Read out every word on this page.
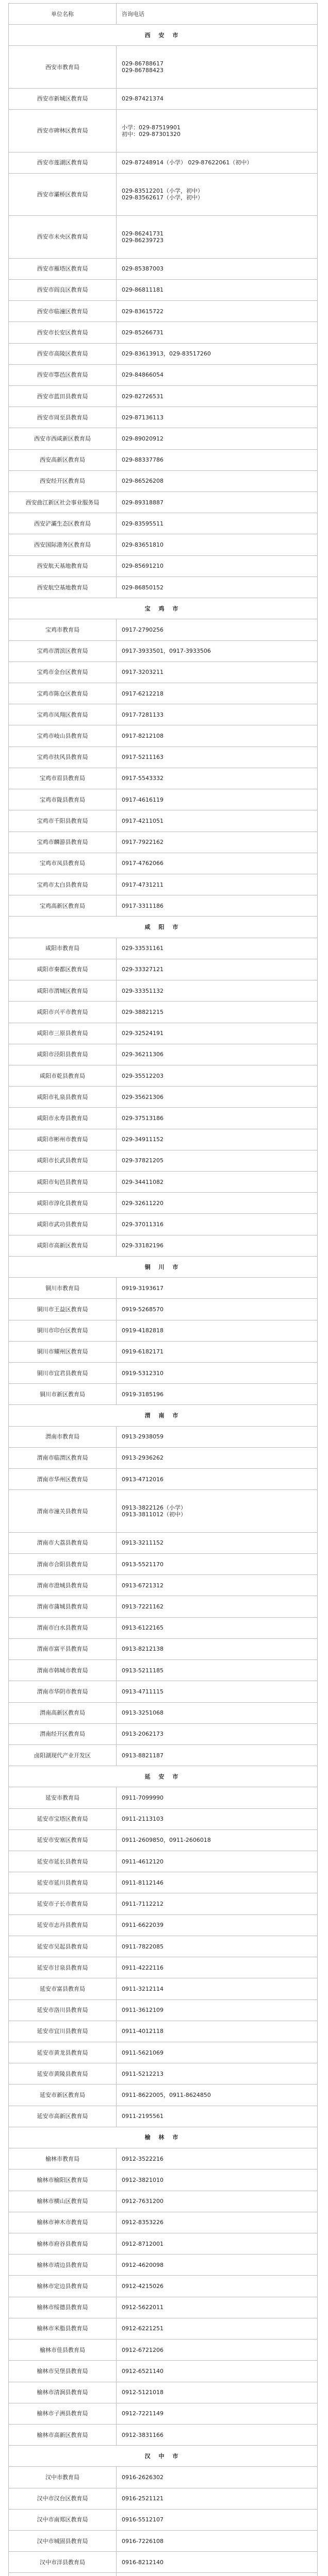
单位名称	咨询电话
西 安 市	
西安市教育局	029-86788617
029-86788423

西安市新城区教育局	029-87421374

西安市碑林区教育局	小学：029-87519901
初中：029-87301320

西安市莲湖区教育局	029-87248914（小学） 029-87622061（初中）

西安市灞桥区教育局	029-83512201（小学，初中）
029-83562617（小学，初中）

西安市未央区教育局	029-86241731
029-86239723

西安市雁塔区教育局	029-85387003

西安市阎良区教育局	029-86811181

西安市临潼区教育局	029-83615722

西安市长安区教育局	029-85266731

西安市高陵区教育局	029-83613913，029-83517260

西安市鄠邑区教育局	029-84866054

西安市蓝田县教育局	029-82726531

西安市周至县教育局	029-87136113

西安市西咸新区教育局	029-89020912

西安高新区教育局	029-88337786

西安经开区教育局	029-86526208

西安曲江新区社会事业服务局	029-89318887

西安浐灞生态区教育局	029-83595511

西安国际港务区教育局	029-83651810

西安航天基地教育局	029-85691210

西安航空基地教育局	029-86850152

宝 鸡 市	
宝鸡市教育局	0917-2790256

宝鸡市渭滨区教育局	0917-3933501，0917-3933506

宝鸡市金台区教育局	0917-3203211

宝鸡市陈仓区教育局	0917-6212218

宝鸡市凤翔区教育局	0917-7281133

宝鸡市岐山县教育局	0917-8212108

宝鸡市扶风县教育局	0917-5211163

宝鸡市眉县教育局	0917-5543332

宝鸡市陇县教育局	0917-4616119

宝鸡市千阳县教育局	0917-4211051

宝鸡市麟游县教育局	0917-7922162

宝鸡市凤县教育局	0917-4762066

宝鸡市太白县教育局	0917-4731211

宝鸡高新区教育局	0917-3311186

咸 阳 市	
咸阳市教育局	029-33531161

咸阳市秦都区教育局	029-33327121

咸阳市渭城区教育局	029-33351132

咸阳市兴平市教育局	029-38821215

咸阳市三原县教育局	029-32524191

咸阳市泾阳县教育局	029-36211306

咸阳市乾县教育局	029-35512203

咸阳市礼泉县教育局	029-35621306

咸阳市永寿县教育局	029-37513186

咸阳市彬州市教育局	029-34911152

咸阳市长武县教育局	029-37821205

咸阳市旬邑县教育局	029-34411082

咸阳市淳化县教育局	029-32611220

咸阳市武功县教育局	029-37011316

咸阳市高新区教育局	029-33182196

铜 川 市	
铜川市教育局	0919-3193617

铜川市王益区教育局	0919-5268570

铜川市印台区教育局	0919-4182818

铜川市耀州区教育局	0919-6182171

铜川市宜君县教育局	0919-5312310

铜川市新区教育局	0919-3185196

渭 南 市	
渭南市教育局	0913-2938059

渭南市临渭区教育局	0913-2936262

渭南市华州区教育局	0913-4712016

渭南市潼关县教育局	0913-3822126（小学）
0913-3811012（初中）

渭南市大荔县教育局	0913-3211152

渭南市合阳县教育局	0913-5521170

渭南市澄城县教育局	0913-6721312

渭南市蒲城县教育局	0913-7221162

渭南市白水县教育局	0913-6122165

渭南市富平县教育局	0913-8212138

渭南市韩城市教育局	0913-5211185

渭南市华阴市教育局	0913-4711115

渭南高新区教育局	0913-3251068

渭南经开区教育局	0913-2062173

卤阳湖现代产业开发区	0913-8821187

延 安 市	
延安市教育局	0911-7099990

延安市宝塔区教育局	0911-2113103

延安市安塞区教育局	0911-2609850，0911-2606018

延安市延长县教育局	0911-4612120

延安市延川县教育局	0911-8112146

延安市子长市教育局	0911-7112212

延安市志丹县教育局	0911-6622039

延安市吴起县教育局	0911-7822085

延安市甘泉县教育局	0911-4222116

延安市富县教育局	0911-3212114

延安市洛川县教育局	0911-3612109

延安市宜川县教育局	0911-4012118

延安市黄龙县教育局	0911-5621069

延安市黄陵县教育局	0911-5212213

延安市新区教育局	0911-8622005，0911-8624850

延安市高新区教育局	0911-2195561

榆 林 市	
榆林市教育局	0912-3522216

榆林市榆阳区教育局	0912-3821010

榆林市横山区教育局	0912-7631200

榆林市神木市教育局	0912-8353226

榆林市府谷县教育局	0912-8712001

榆林市靖边县教育局	0912-4620098

榆林市定边县教育局	0912-4215026

榆林市绥德县教育局	0912-5622011

榆林市米脂县教育局	0912-6221251

榆林市佳县教育局	0912-6721206

榆林市吴堡县教育局	0912-6521140

榆林市清涧县教育局	0912-5121018

榆林市子洲县教育局	0912-7221149

榆林市高新区教育局	0912-3831166

汉 中 市	
汉中市教育局	0916-2626302

汉中市汉台区教育局	0916-2521121

汉中市南郑区教育局	0916-5512107

汉中市城固县教育局	0916-7226108

汉中市洋县教育局	0916-8212140
